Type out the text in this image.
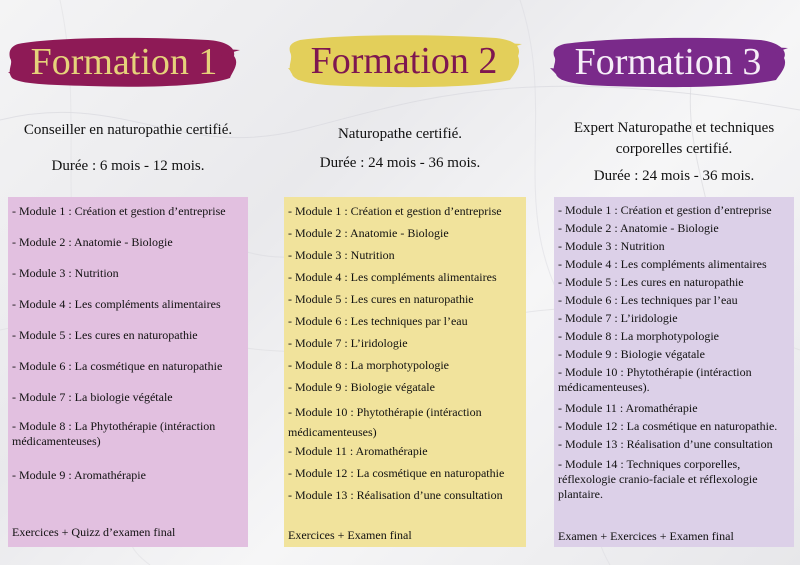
Formation 1
Conseiller en naturopathie certifié.
Durée : 6 mois - 12 mois.
- Module 1 : Création et gestion d’entreprise
- Module 2 : Anatomie - Biologie
- Module 3 : Nutrition
- Module 4 : Les compléments alimentaires
- Module 5 : Les cures en naturopathie
- Module 6 : La cosmétique en naturopathie
- Module 7 : La biologie végétale
- Module 8 : La Phytothérapie (intéraction médicamenteuses)
- Module 9 : Aromathérapie
Exercices + Quizz d’examen final
Formation 2
Naturopathe certifié.
Durée : 24 mois - 36 mois.
- Module 1 : Création et gestion d’entreprise
- Module 2 : Anatomie - Biologie
- Module 3 : Nutrition
- Module 4 : Les compléments alimentaires
- Module 5 : Les cures en naturopathie
- Module 6 : Les techniques par l’eau
- Module 7 : L’iridologie
- Module 8 : La morphotypologie
- Module 9 : Biologie végatale
- Module 10 : Phytothérapie (intéraction médicamenteuses)
- Module 11 : Aromathérapie
- Module 12 : La cosmétique en naturopathie
- Module 13 : Réalisation d’une consultation
Exercices + Examen final
Formation 3
Expert Naturopathe et techniques
corporelles certifié.
Durée : 24 mois - 36 mois.
- Module 1 : Création et gestion d’entreprise
- Module 2 : Anatomie - Biologie
- Module 3 : Nutrition
- Module 4 : Les compléments alimentaires
- Module 5 : Les cures en naturopathie
- Module 6 : Les techniques par l’eau
- Module 7 : L’iridologie
- Module 8 : La morphotypologie
- Module 9 : Biologie végatale
- Module 10 : Phytothérapie (intéraction médicamenteuses).
- Module 11 : Aromathérapie
- Module 12 : La cosmétique en naturopathie.
- Module 13 : Réalisation d’une consultation
- Module 14 : Techniques corporelles, réflexologie cranio-faciale et réflexologie plantaire.
Examen + Exercices + Examen final
